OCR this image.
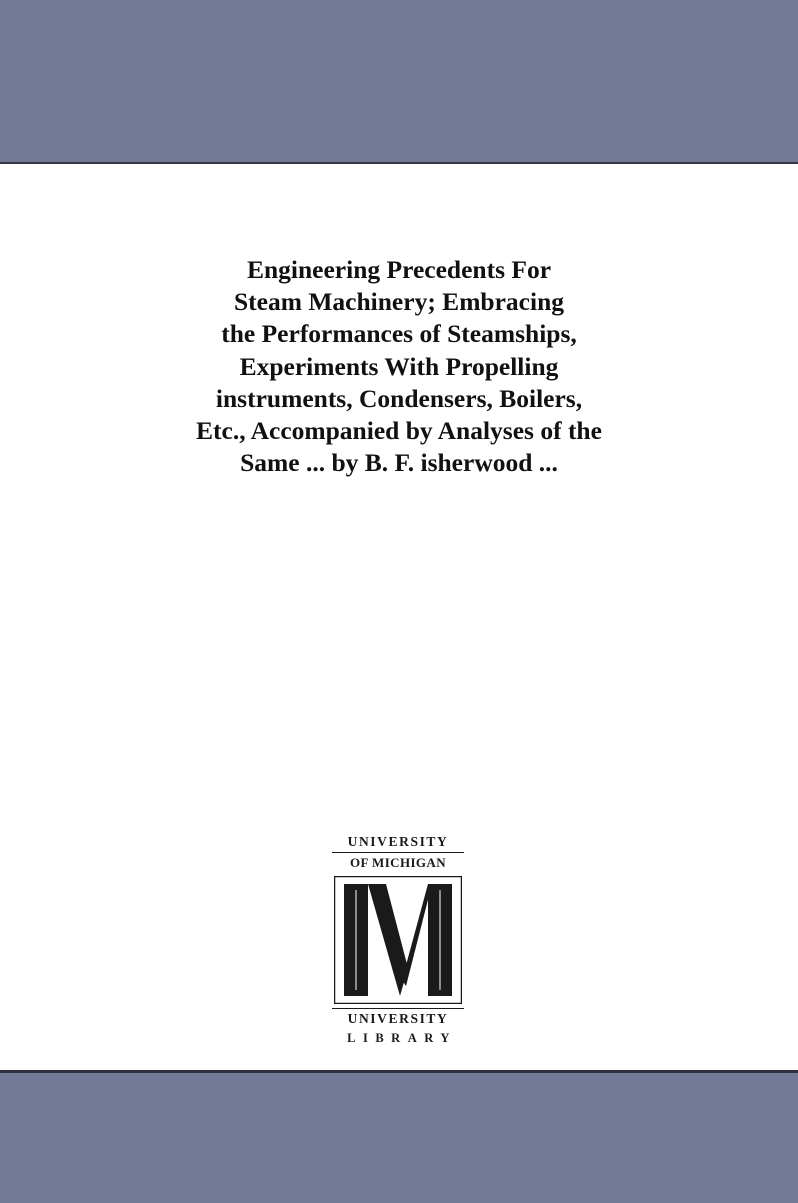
Engineering Precedents For
Steam Machinery; Embracing
the Performances of Steamships,
Experiments With Propelling
instruments, Condensers, Boilers,
Etc., Accompanied by Analyses of the
Same ... by B. F. isherwood ...
UNIVERSITY
OF MICHIGAN
UNIVERSITY
LIBRARY
